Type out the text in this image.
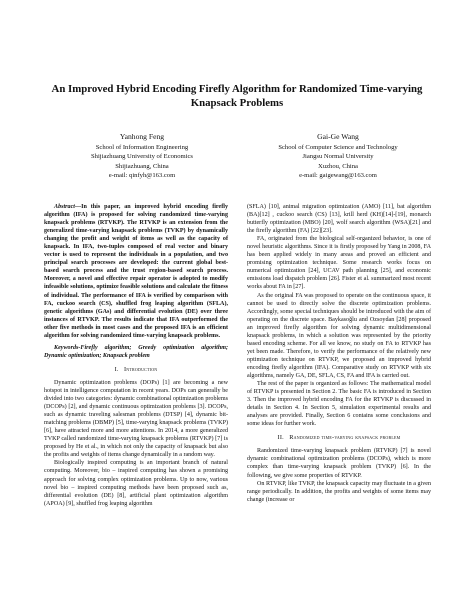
An Improved Hybrid Encoding Firefly Algorithm for Randomized Time-varying
Knapsack Problems
Yanhong Feng
School of Information Engineering
Shijiazhuang University of Economics
Shijiazhuang, China
e-mail: qinfyh@163.com
Gai-Ge Wang
School of Computer Science and Technology
Jiangsu Normal University
Xuzhou, China
e-mail: gaigewang@163.com

Abstract—In this paper, an improved hybrid encoding firefly algorithm (IFA) is proposed for solving randomized time-varying knapsack problems (RTVKP). The RTVKP is an extension from the generalized time-varying knapsack problems (TVKP) by dynamically changing the profit and weight of items as well as the capacity of knapsack. In IFA, two-tuples composed of real vector and binary vector is used to represent the individuals in a population, and two principal search processes are developed: the current global best-based search process and the trust region-based search process. Moreover, a novel and effective repair operator is adopted to modify infeasible solutions, optimize feasible solutions and calculate the fitness of individual. The performance of IFA is verified by comparison with FA, cuckoo search (CS), shuffled frog leaping algorithm (SFLA), genetic algorithms (GAs) and differential evolution (DE) over three instances of RTVKP. The results indicate that IFA outperformed the other five methods in most cases and the proposed IFA is an efficient algorithm for solving randomized time-varying knapsack problems.

Keywords-Firefly algorithm; Greedy optimization algorithm; Dynamic optimization; Knapsack problem

I. Introduction

Dynamic optimization problems (DOPs) [1] are becoming a new hotspot in intelligence computation in recent years. DOPs can generally be divided into two categories: dynamic combinational optimization problems (DCOPs) [2], and dynamic continuous optimization problems [3]. DCOPs, such as dynamic traveling salesman problems (DTSP) [4], dynamic bit-matching problems (DBMP) [5], time-varying knapsack problems (TVKP) [6], have attracted more and more attentions. In 2014, a more generalized TVKP called randomized time-varying knapsack problems (RTVKP) [7] is proposed by He et al., in which not only the capacity of knapsack but also the profits and weights of items change dynamically in a random way.

Biologically inspired computing is an important branch of natural computing. Moreover, bio – inspired computing has shown a promising approach for solving complex optimization problems. Up to now, various novel bio – inspired computing methods have been proposed such as, differential evolution (DE) [8], artificial plant optimization algorithm (APOA) [9], shuffled frog leaping algorithm

(SFLA) [10], animal migration optimization (AMO) [11], bat algorithm (BA)[12] , cuckoo search (CS) [13], krill herd (KH)[14]-[19], monarch butterfly optimization (MBO) [20], wolf search algorithm (WSA)[21] and the firefly algorithm (FA) [22][23].

FA, originated from the biological self-organized behavior, is one of novel heuristic algorithms. Since it is firstly proposed by Yang in 2008, FA has been applied widely in many areas and proved an efficient and promising optimization technique. Some research works focus on numerical optimization [24], UCAV path planning [25], and economic emissions load dispatch problem [26]. Fister et al. summarized most recent works about FA in [27].

As the original FA was proposed to operate on the continuous space, it cannot be used to directly solve the discrete optimization problems. Accordingly, some special techniques should be introduced with the aim of operating on the discrete space. Baykasoğlu and Ozsoydan [28] proposed an improved firefly algorithm for solving dynamic multidimensional knapsack problems, in which a solution was represented by the priority based encoding scheme. For all we know, no study on FA to RTVKP has yet been made. Therefore, to verify the performance of the relatively new optimization technique on RTVKP, we proposed an improved hybrid encoding firefly algorithm (IFA). Comparative study on RTVKP with six algorithms, namely GA, DE, SFLA, CS, FA and IFA is carried out.

The rest of the paper is organized as follows: The mathematical model of RTVKP is presented in Section 2. The basic FA is introduced in Section 3. Then the improved hybrid encoding FA for the RTVKP is discussed in details in Section 4. In Section 5, simulation experimental results and analyses are provided. Finally, Section 6 contains some conclusions and some ideas for further work.

II. Randomized time-varying knapsack problem

Randomized time-varying knapsack problem (RTVKP) [7] is novel dynamic combinational optimization problems (DCOPs), which is more complex than time-varying knapsack problem (TVKP) [6]. In the following, we give some properties of RTVKP.

On RTVKP, like TVKP, the knapsack capacity may fluctuate in a given range periodically. In addition, the profits and weights of some items may change (increase or
